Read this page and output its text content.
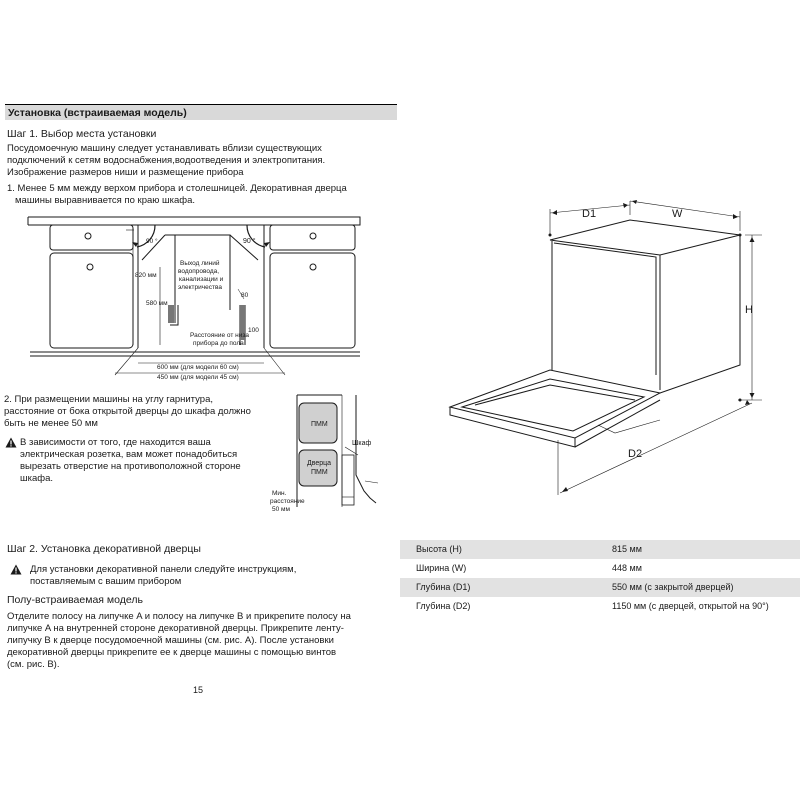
Установка (встраиваемая модель)
Шаг 1. Выбор места установки
Посудомоечную машину следует устанавливать вблизи существующих
подключений к сетям водоснабжения,водоотведения и электропитания.
Изображение размеров ниши и размещение прибора
1. Менее 5 мм между верхом прибора и столешницей. Декоративная дверца
машины выравнивается по краю шкафа.
90 °	90 °
820 мм
580 мм
Выход линий
водопровода,
канализации и
электричества
80
100
Расстояние от низа
прибора до пола
600 мм (для модели 60 см)
450 мм (для модели 45 см)
2. При размещении машины на углу гарнитура,
расстояние от бока открытой дверцы до шкафа должно
быть не менее 50 мм
В зависимости от того, где находится ваша
электрическая розетка, вам может понадобиться
вырезать отверстие на противоположной стороне
шкафа.
ПММ
Дверца
ПММ
Шкаф
Мин.
расстояние
50 мм
D1	W
H
D2
Шаг 2. Установка декоративной дверцы
Для установки декоративной панели следуйте инструкциям,
поставляемым с вашим прибором
Полу-встраиваемая модель
Отделите полосу на липучке A и полосу на липучке B и прикрепите полосу на
липучке A на внутренней стороне декоративной дверцы. Прикрепите ленту-
липучку B к дверце посудомоечной машины (см. рис. A). После установки
декоративной дверцы прикрепите ее к дверце машины с помощью винтов
(см. рис. B).
Высота (H)	815 мм
Ширина (W)	448 мм
Глубина (D1)	550 мм (с закрытой дверцей)
Глубина (D2)	1150 мм (с дверцей, открытой на 90°)
15
